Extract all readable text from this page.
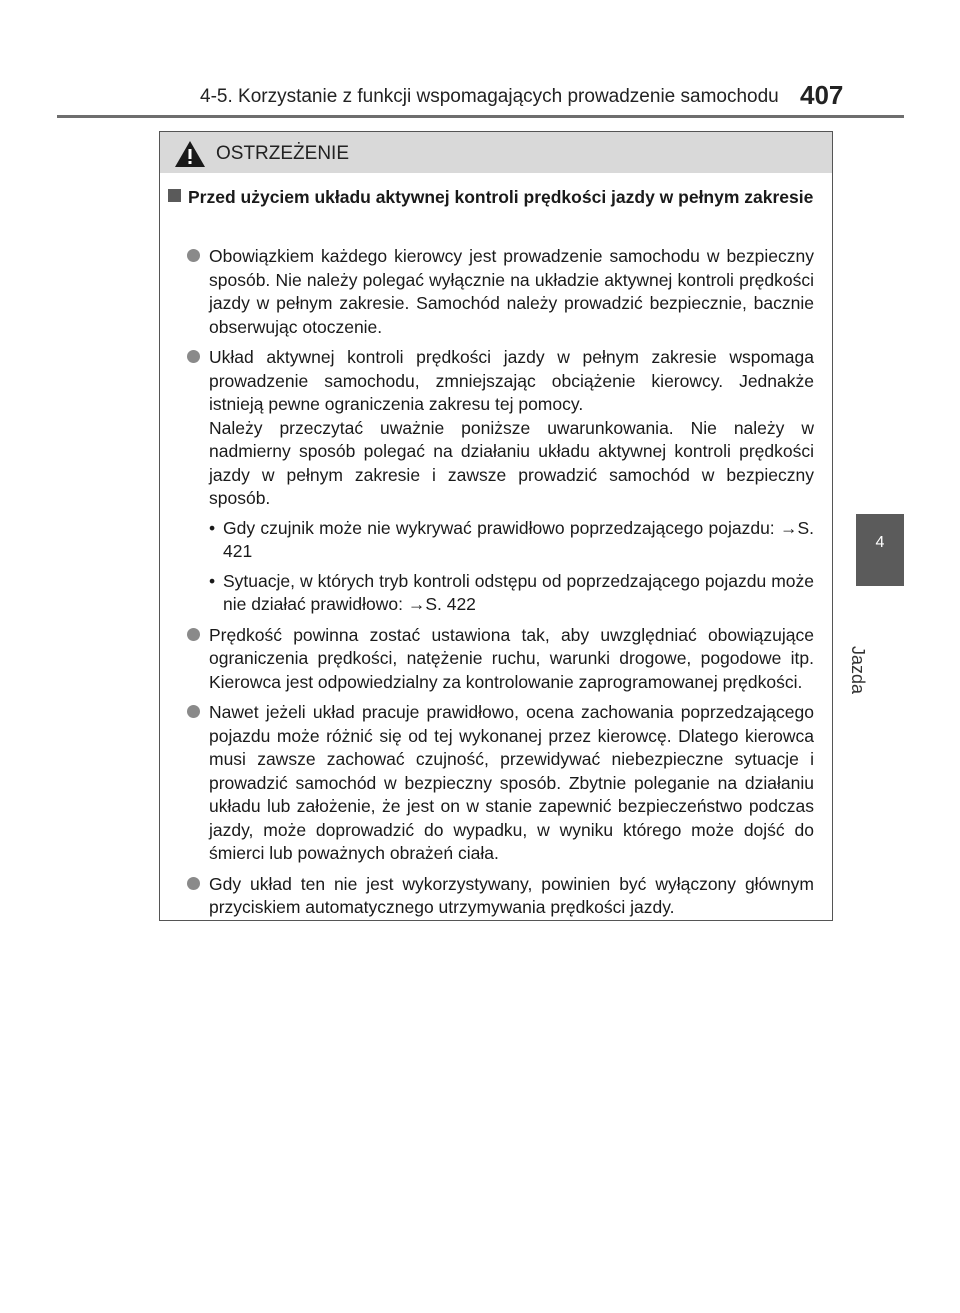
4-5. Korzystanie z funkcji wspomagających prowadzenie samochodu 407
4
Jazda
OSTRZEŻENIE
Przed użyciem układu aktywnej kontroli prędkości jazdy w pełnym zakresie

Obowiązkiem każdego kierowcy jest prowadzenie samochodu w bezpieczny sposób. Nie należy polegać wyłącznie na układzie aktywnej kontroli prędkości jazdy w pełnym zakresie. Samochód należy prowadzić bezpiecznie, bacznie obserwując otoczenie.

Układ aktywnej kontroli prędkości jazdy w pełnym zakresie wspomaga prowadzenie samochodu, zmniejszając obciążenie kierowcy. Jednakże istnieją pewne ograniczenia zakresu tej pomocy.

Należy przeczytać uważnie poniższe uwarunkowania. Nie należy w nadmierny sposób polegać na działaniu układu aktywnej kontroli prędkości jazdy w pełnym zakresie i zawsze prowadzić samochód w bezpieczny sposób.

• Gdy czujnik może nie wykrywać prawidłowo poprzedzającego pojazdu: →S. 421
• Sytuacje, w których tryb kontroli odstępu od poprzedzającego pojazdu może nie działać prawidłowo: →S. 422

Prędkość powinna zostać ustawiona tak, aby uwzględniać obowiązujące ograniczenia prędkości, natężenie ruchu, warunki drogowe, pogodowe itp. Kierowca jest odpowiedzialny za kontrolowanie zaprogramowanej prędkości.

Nawet jeżeli układ pracuje prawidłowo, ocena zachowania poprzedzającego pojazdu może różnić się od tej wykonanej przez kierowcę. Dlatego kierowca musi zawsze zachować czujność, przewidywać niebezpieczne sytuacje i prowadzić samochód w bezpieczny sposób. Zbytnie poleganie na działaniu układu lub założenie, że jest on w stanie zapewnić bezpieczeństwo podczas jazdy, może doprowadzić do wypadku, w wyniku którego może dojść do śmierci lub poważnych obrażeń ciała.

Gdy układ ten nie jest wykorzystywany, powinien być wyłączony głównym przyciskiem automatycznego utrzymywania prędkości jazdy.
